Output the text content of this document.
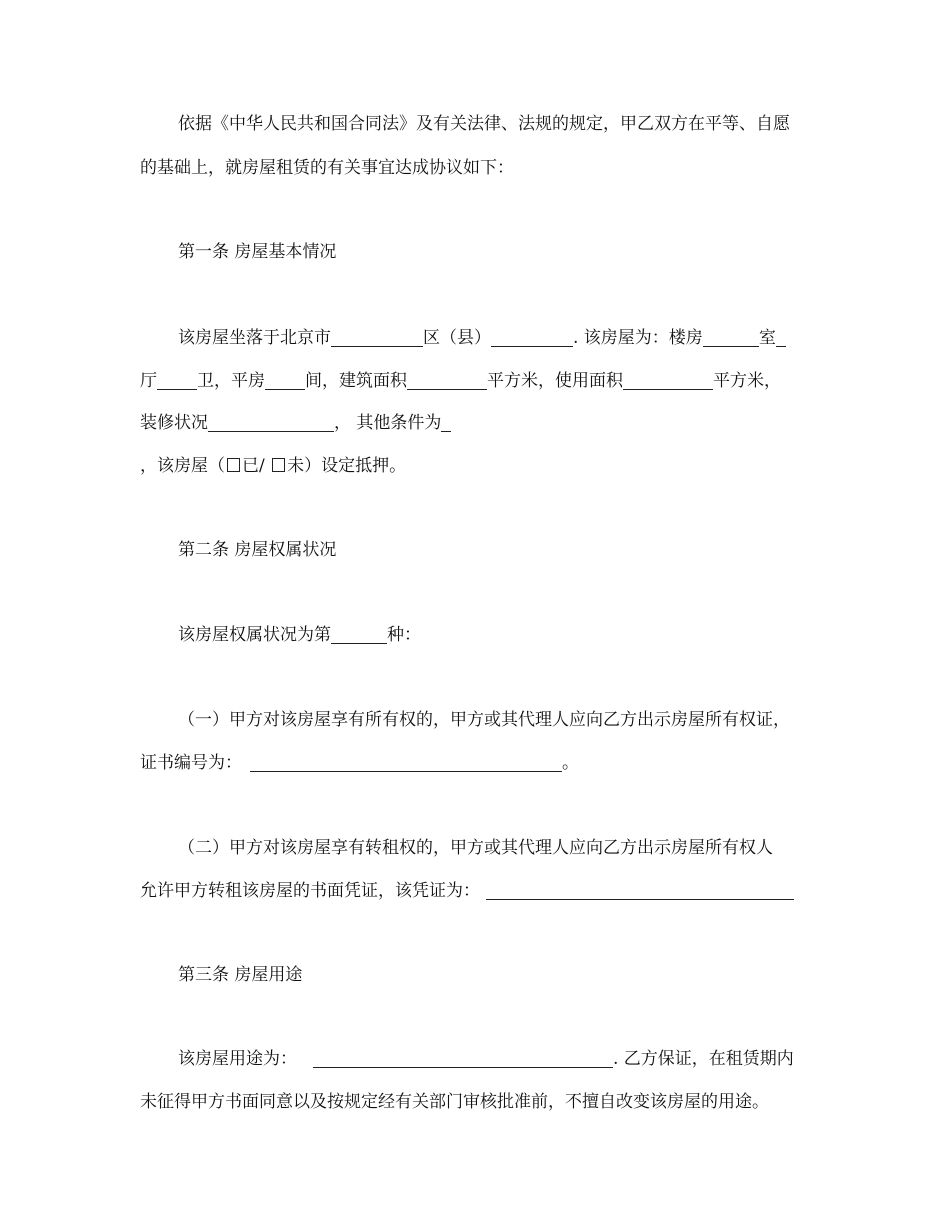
依据《中华人民共和国合同法》及有关法律、法规的规定，甲乙双方在平等、自愿
的基础上，就房屋租赁的有关事宜达成协议如下：
第一条 房屋基本情况
该房屋坐落于北京市	区（县）	. 该房屋为：楼房	室
厅 卫，平房 间，建筑面积	平方米，使用面积	平方米，
装修状况	， 其他条件为
，该房屋（ 已/ 未）设定抵押。
第二条 房屋权属状况
该房屋权属状况为第	种：
（一）甲方对该房屋享有所有权的，甲方或其代理人应向乙方出示房屋所有权证，
证书编号为：	。
（二）甲方对该房屋享有转租权的，甲方或其代理人应向乙方出示房屋所有权人
允许甲方转租该房屋的书面凭证，该凭证为：
第三条 房屋用途
该房屋用途为：	. 乙方保证，在租赁期内
未征得甲方书面同意以及按规定经有关部门审核批准前，不擅自改变该房屋的用途。
